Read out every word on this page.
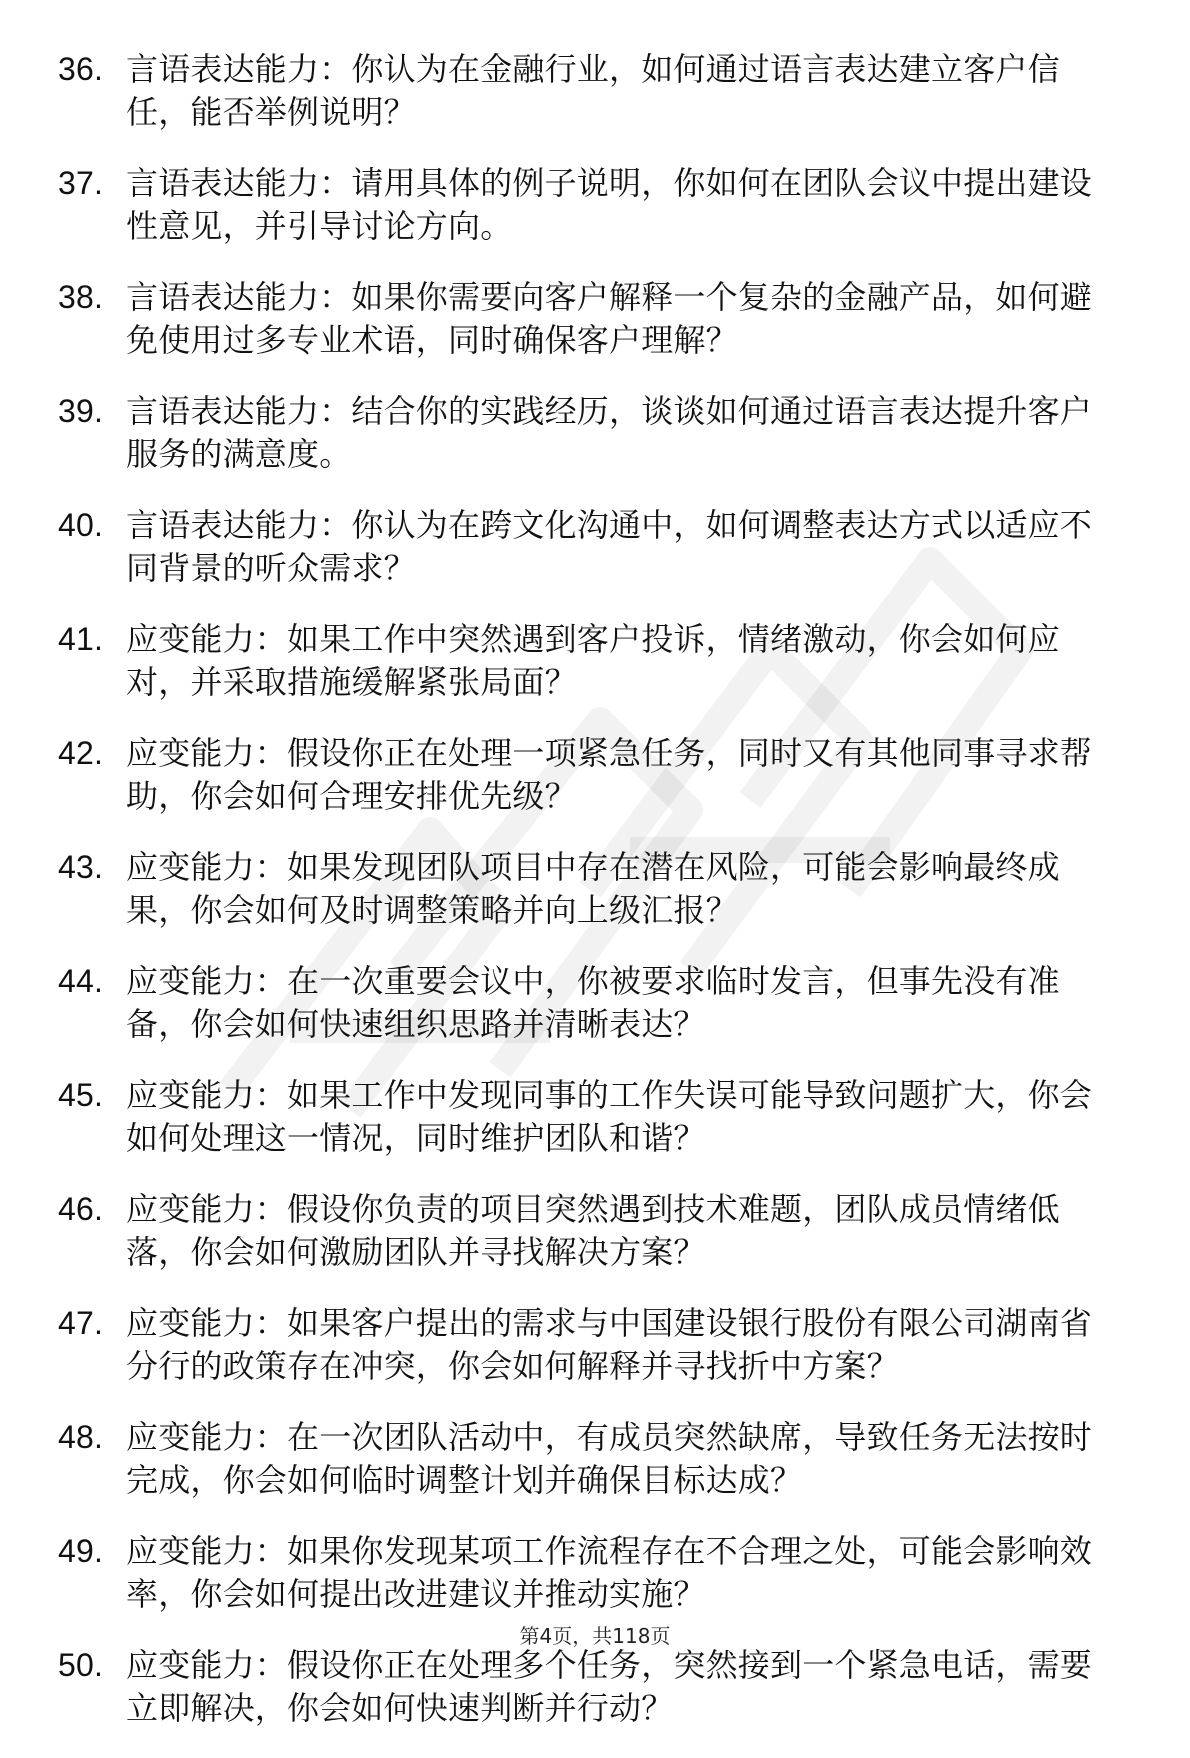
36. 言语表达能力：你认为在金融行业，如何通过语言表达建立客户信任，能否举例说明？
37. 言语表达能力：请用具体的例子说明，你如何在团队会议中提出建设性意见，并引导讨论方向。
38. 言语表达能力：如果你需要向客户解释一个复杂的金融产品，如何避免使用过多专业术语，同时确保客户理解？
39. 言语表达能力：结合你的实践经历，谈谈如何通过语言表达提升客户服务的满意度。
40. 言语表达能力：你认为在跨文化沟通中，如何调整表达方式以适应不同背景的听众需求？
41. 应变能力：如果工作中突然遇到客户投诉，情绪激动，你会如何应对，并采取措施缓解紧张局面？
42. 应变能力：假设你正在处理一项紧急任务，同时又有其他同事寻求帮助，你会如何合理安排优先级？
43. 应变能力：如果发现团队项目中存在潜在风险，可能会影响最终成果，你会如何及时调整策略并向上级汇报？
44. 应变能力：在一次重要会议中，你被要求临时发言，但事先没有准备，你会如何快速组织思路并清晰表达？
45. 应变能力：如果工作中发现同事的工作失误可能导致问题扩大，你会如何处理这一情况，同时维护团队和谐？
46. 应变能力：假设你负责的项目突然遇到技术难题，团队成员情绪低落，你会如何激励团队并寻找解决方案？
47. 应变能力：如果客户提出的需求与中国建设银行股份有限公司湖南省分行的政策存在冲突，你会如何解释并寻找折中方案？
48. 应变能力：在一次团队活动中，有成员突然缺席，导致任务无法按时完成，你会如何临时调整计划并确保目标达成？
49. 应变能力：如果你发现某项工作流程存在不合理之处，可能会影响效率，你会如何提出改进建议并推动实施？
50. 应变能力：假设你正在处理多个任务，突然接到一个紧急电话，需要立即解决，你会如何快速判断并行动？
第4页，共118页
